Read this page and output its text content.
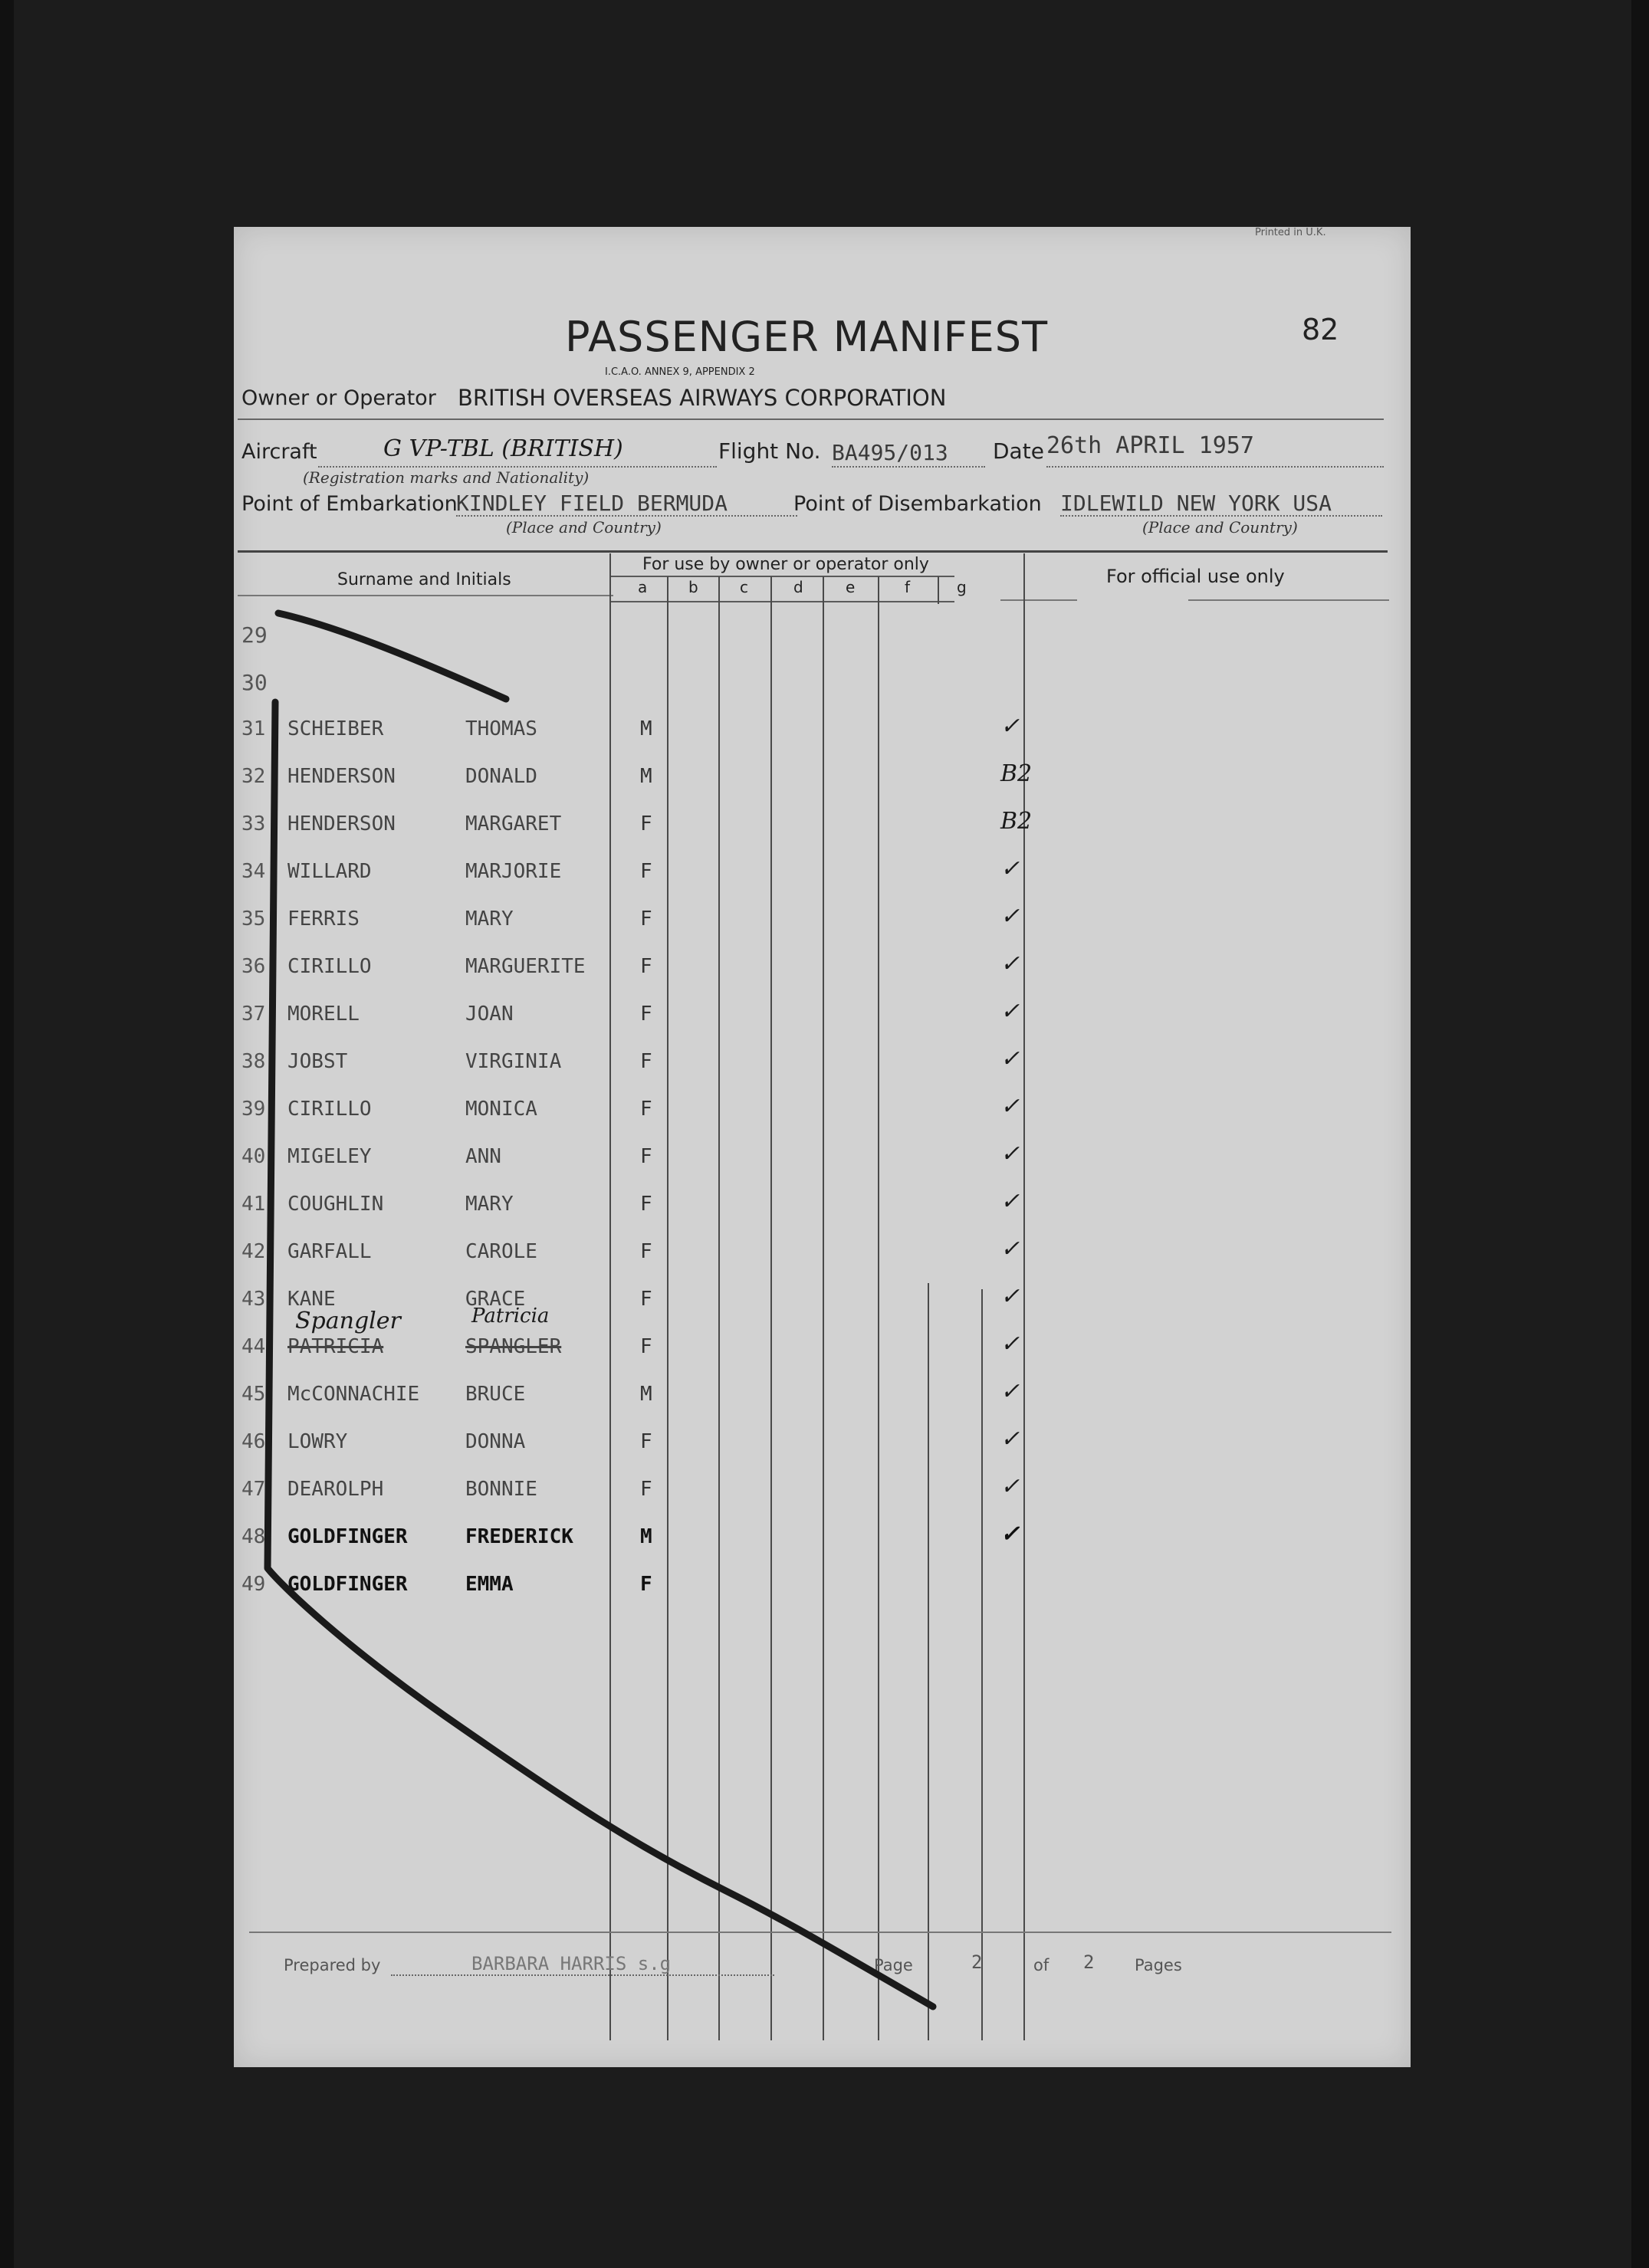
Printed in U.K.
PASSENGER MANIFEST
I.C.A.O. ANNEX 9, APPENDIX 2
82
Owner or Operator BRITISH OVERSEAS AIRWAYS CORPORATION
Aircraft	G VP-TBL (BRITISH)
(Registration marks and Nationality)
Flight No. BA495/013 Date 26th APRIL 1957
Point of Embarkation
KINDLEY FIELD BERMUDA
(Place and Country)
Point of Disembarkation IDLEWILD NEW YORK USA
(Place and Country)
Surname and Initials
For use by owner or operator only
For official use only
a	b	c	d	e	f	g
Prepared by	BARBARA HARRIS s.g	Page	2	of 2	Pages
29
30
31 SCHEIBER	THOMAS	M	✓
32 HENDERSON	DONALD	M	B2
33 HENDERSON	MARGARET	F	B2
34 WILLARD	MARJORIE	F	✓
35 FERRIS	MARY	F	✓
36 CIRILLO	MARGUERITE	F	✓
37 MORELL	JOAN	F	✓
38 JOBST	VIRGINIA	F	✓
39 CIRILLO	MONICA	F	✓
40 MIGELEY	ANN	F	✓
41 COUGHLIN	MARY	F	✓
42 GARFALL	CAROLE	F	✓
43 KANE	GRACE	F	✓
44 PATRICIA	SPANGLER	F	✓
Spangler	Patricia
45 McCONNACHIE BRUCE	M	✓
46 LOWRY	DONNA	F	✓
47 DEAROLPH	BONNIE	F	✓
48 GOLDFINGER	FREDERICK	M	✓
49 GOLDFINGER	EMMA	F
